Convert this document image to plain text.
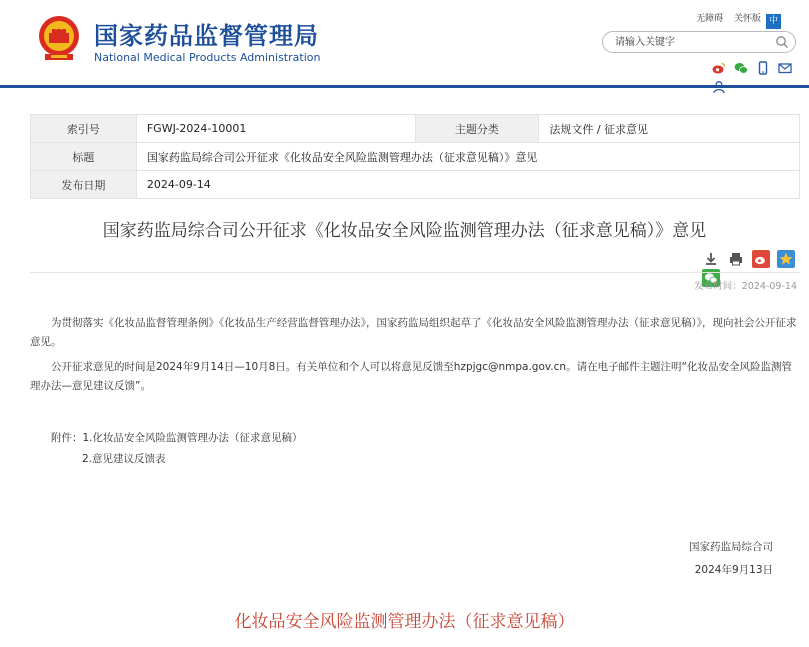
国家药品监督管理局
National Medical Products Administration
无障碍 关怀版 中
请输入关键字

索引号	FGWJ-2024-10001	主题分类	法规文件 / 征求意见
标题	国家药监局综合司公开征求《化妆品安全风险监测管理办法（征求意见稿）》意见		
发布日期	2024-09-14		
国家药监局综合司公开征求《化妆品安全风险监测管理办法（征求意见稿）》意见

发布时间：2024-09-14
为贯彻落实《化妆品监督管理条例》《化妆品生产经营监督管理办法》，国家药监局组织起草了《化妆品安全风险监测管理办法（征求意见稿）》，现向社会公开征求意见。
公开征求意见的时间是2024年9月14日—10月8日。有关单位和个人可以将意见反馈至hzpjgc@nmpa.gov.cn。请在电子邮件主题注明“化妆品安全风险监测管理办法—意见建议反馈”。
附件：1.化妆品安全风险监测管理办法（征求意见稿）
2.意见建议反馈表
国家药监局综合司
2024年9月13日
化妆品安全风险监测管理办法（征求意见稿）
